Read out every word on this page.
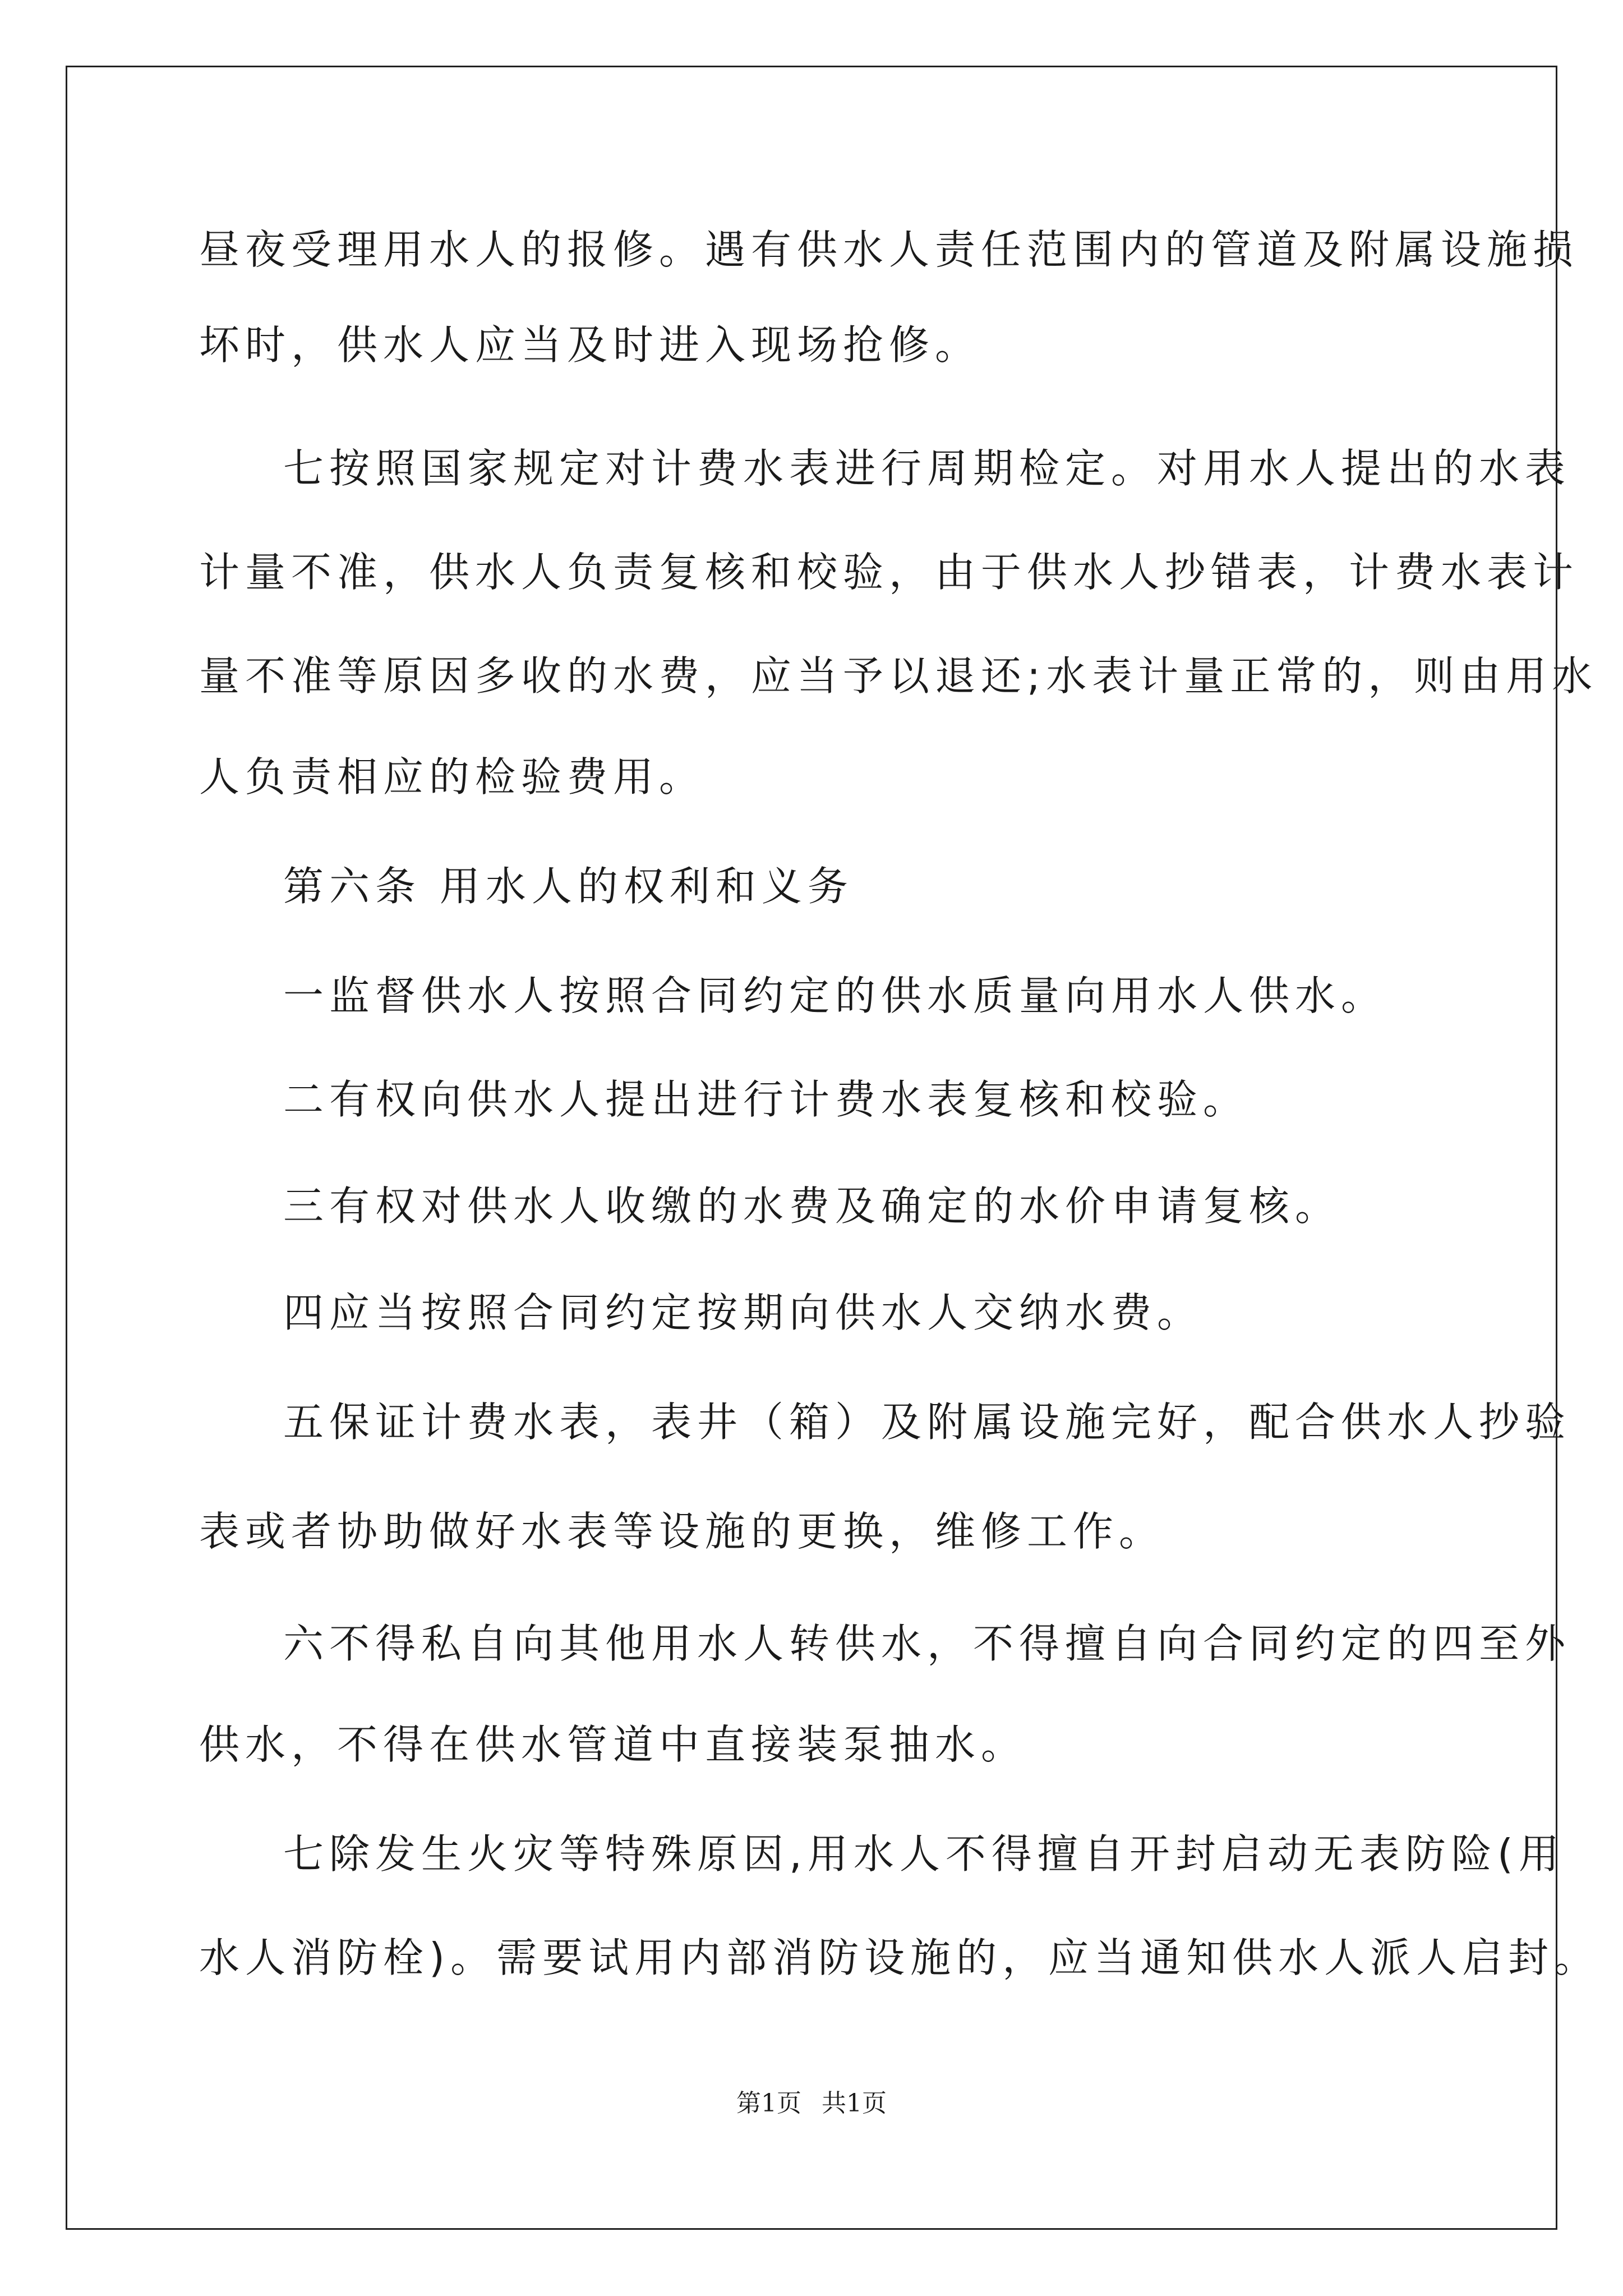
昼夜受理用水人的报修。遇有供水人责任范围内的管道及附属设施损
坏时，供水人应当及时进入现场抢修。
七按照国家规定对计费水表进行周期检定。对用水人提出的水表
计量不准，供水人负责复核和校验，由于供水人抄错表，计费水表计
量不准等原因多收的水费，应当予以退还;水表计量正常的，则由用水
人负责相应的检验费用。
第六条 用水人的权利和义务
一监督供水人按照合同约定的供水质量向用水人供水。
二有权向供水人提出进行计费水表复核和校验。
三有权对供水人收缴的水费及确定的水价申请复核。
四应当按照合同约定按期向供水人交纳水费。
五保证计费水表，表井（箱）及附属设施完好，配合供水人抄验
表或者协助做好水表等设施的更换，维修工作。
六不得私自向其他用水人转供水，不得擅自向合同约定的四至外
供水，不得在供水管道中直接装泵抽水。
七除发生火灾等特殊原因,用水人不得擅自开封启动无表防险(用
水人消防栓)。需要试用内部消防设施的，应当通知供水人派人启封。
第1页 共1页
